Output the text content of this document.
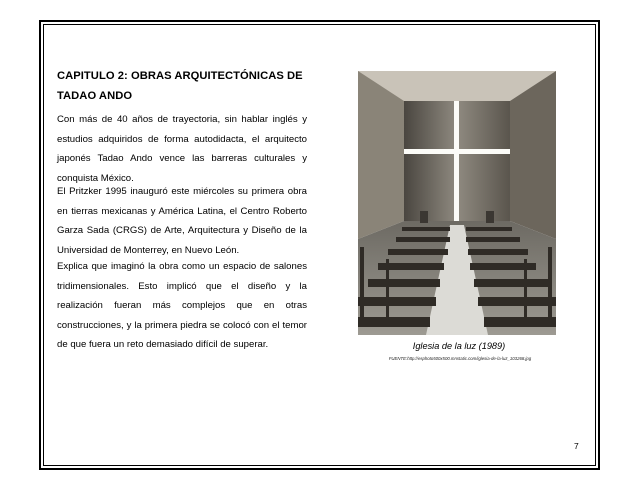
CAPITULO 2: OBRAS ARQUITECTÓNICAS DE TADAO ANDO

Con más de 40 años de trayectoria, sin hablar inglés y estudios adquiridos de forma autodidacta, el arquitecto japonés Tadao Ando vence las barreras culturales y conquista México.

El Pritzker 1995 inauguró este miércoles su primera obra en tierras mexicanas y América Latina, el Centro Roberto Garza Sada (CRGS) de Arte, Arquitectura y Diseño de la Universidad de Monterrey, en Nuevo León.

Explica que imaginó la obra como un espacio de salones tridimensionales. Esto implicó que el diseño y la realización fueran más complejos que en otras construcciones, y la primera piedra se colocó con el temor de que fuera un reto demasiado difícil de superar.	Iglesia de la luz (1989)

FUENTE:http://esphoto500x500.mnstatic.com/iglesia-de-la-luz_103268.jpg

7
